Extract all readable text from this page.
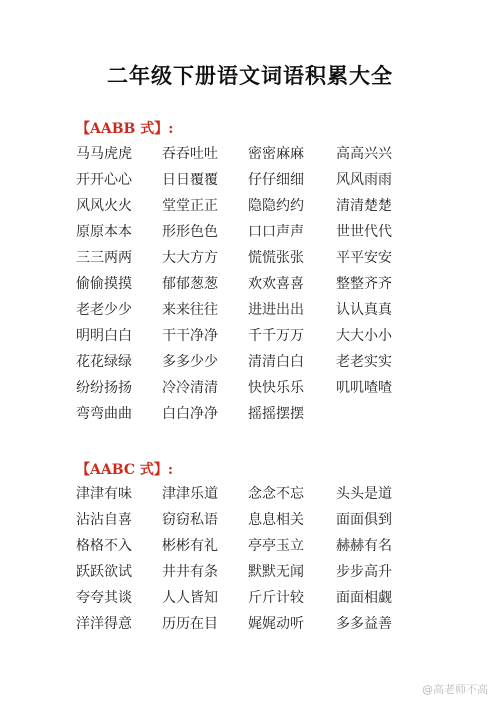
二年级下册语文词语积累大全
【AABB 式】:
马马虎虎	吞吞吐吐	密密麻麻	高高兴兴
开开心心	日日覆覆	仔仔细细	风风雨雨
风风火火	堂堂正正	隐隐约约	清清楚楚
原原本本	形形色色	口口声声	世世代代
三三两两	大大方方	慌慌张张	平平安安
偷偷摸摸	郁郁葱葱	欢欢喜喜	整整齐齐
老老少少	来来往往	进进出出	认认真真
明明白白	干干净净	千千万万	大大小小
花花绿绿	多多少少	清清白白	老老实实
纷纷扬扬	冷冷清清	快快乐乐	叽叽喳喳
弯弯曲曲	白白净净	摇摇摆摆
【AABC 式】:
津津有味	津津乐道	念念不忘	头头是道
沾沾自喜	窃窃私语	息息相关	面面俱到
格格不入	彬彬有礼	亭亭玉立	赫赫有名
跃跃欲试	井井有条	默默无闻	步步高升
夸夸其谈	人人皆知	斤斤计较	面面相觑
洋洋得意	历历在目	娓娓动听	多多益善
@高老师不高
